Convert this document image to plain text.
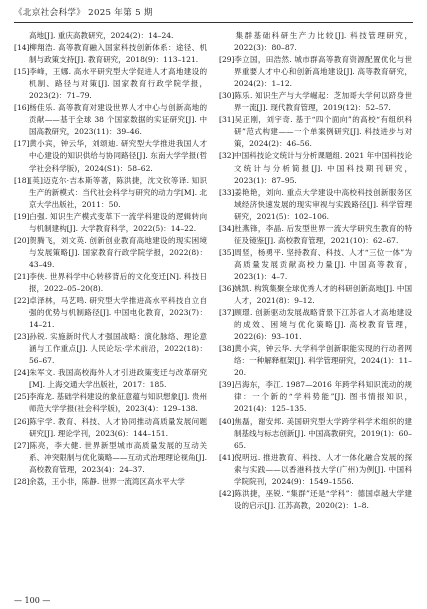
《北京社会科学》 2025 年第 5 期

高地[J]. 重庆高教研究，2024(2)：14–24.

[14]柳翔浩. 高等教育融入国家科技创新体系：途径、机制与政策支持[J]. 教育研究，2018(9)：113–121.

[15]李峰，王娜. 高水平研究型大学促进人才高地建设的机制、路径与对策[J]. 国家教育行政学院学报，2023(2)：71–79.

[16]杨佳乐. 高等教育对建设世界人才中心与创新高地的贡献——基于全球 38 个国家数据的实证研究[J]. 中国高教研究，2023(11)：39–46.

[17]黄小宾，钟云华，刘颂迪. 研究型大学推进我国人才中心建设的知识供给与协同路径[J]. 东南大学学报(哲学社会科学版)，2024(S1)：58–62.

[18][英]迈克尔·吉本斯等著，陈洪捷，沈文钦等译. 知识生产的新模式：当代社会科学与研究的动力学[M]. 北京大学出版社，2011：50.

[19]白强. 知识生产模式变革下一流学科建设的逻辑转向与机制建构[J]. 大学教育科学，2022(5)：14–22.

[20]贺腾飞，刘文英. 创新创业教育高地建设的现实困境与发展策略[J]. 国家教育行政学院学报，2022(8)：43–49.

[21]李侠. 世界科学中心转移背后的文化变迁[N]. 科技日报，2022–05–20(8).

[22]卓泽林，马艺鸣. 研究型大学推进高水平科技自立自强的优势与机制路径[J]. 中国电化教育，2023(7)：14–21.

[23]孙锐. 实施新时代人才强国战略：演化脉络、理论意涵与工作重点[J]. 人民论坛·学术前沿，2022(18)：56–67.

[24]朱军文. 我国高校海外人才引进政策变迁与改革研究[M]. 上海交通大学出版社，2017：185.

[25]李海龙. 基础学科建设的象征意蕴与知识想象[J]. 贵州师范大学学报(社会科学版)，2023(4)：129–138.

[26]陈宇学. 教育、科技、人才协同推动高质量发展问题研究[J]. 理论学刊，2023(6)：144–151.

[27]陈亮，李大健. 世界新型城市高质量发展的互动关系、冲突限制与优化策略——互动式治理理论视角[J]. 高校教育管理，2023(4)：24–37.

[28]余荔，王小非，陈静. 世界一流湾区高水平大学

集群基础科研生产力比较[J]. 科技管理研究，2022(3)：80–87.

[29]李立国，田浩然. 城市群高等教育资源配置优化与世界重要人才中心和创新高地建设[J]. 高等教育研究，2024(2)：1–12.

[30]陈乐. 知识生产与大学崛起：芝加哥大学何以跻身世界一流[J]. 现代教育管理，2019(12)：52–57.

[31]吴正刚，刘宇奇. 基于“四个面向”的高校“有组织科研”范式构建——一个单案例研究[J]. 科技进步与对策，2024(2)：46–56.

[32]中国科技论文统计与分析课题组. 2021 年中国科技论文统计与分析简报[J]. 中国科技期刊研究，2023(1)：87–95.

[33]姜艳艳，刘向. 重点大学建设中高校科技创新服务区域经济快速发展的现实审视与实践路径[J]. 科学管理研究，2021(5)：102–106.

[34]杜燕锋，李晶. 后发型世界一流大学研究生教育的特征及镜鉴[J]. 高校教育管理，2021(10)：62–67.

[35]周竖，杨勇平. 坚持教育、科技、人才“三位一体”为高质量发展贡献高校力量[J]. 中国高等教育，2023(1)：4–7.

[36]姚凯. 构筑集聚全球优秀人才的科研创新高地[J]. 中国人才，2021(8)：9–12.

[37]顾璟. 创新驱动发展战略背景下江苏省人才高地建设的成效、困境与优化策略[J]. 高校教育管理，2022(6)：93–101.

[38]黄小宾，钟云华. 大学科学创新职能实现的行动者网络：一种解释框架[J]. 科学管理研究，2024(1)：11–20.

[39]吕海东，李江. 1987—2016 年跨学科知识流动的规律：一个新的“学科势能”[J]. 图书情报知识，2021(4)：125–135.

[40]焦磊，谢安邦. 美国研究型大学跨学科学术组织的建制基线与标志创新[J]. 中国高教研究，2019(1)：60–65.

[41]倪明远. 推进教育、科技、人才一体化融合发展的探索与实践——以香港科技大学(广州)为例[J]. 中国科学院院刊，2024(9)：1549–1556.

[42]陈洪捷，巫锐. “集群”还是“学科”：德国卓越大学建设的启示[J]. 江苏高教，2020(2)：1–8.

— 100 —
